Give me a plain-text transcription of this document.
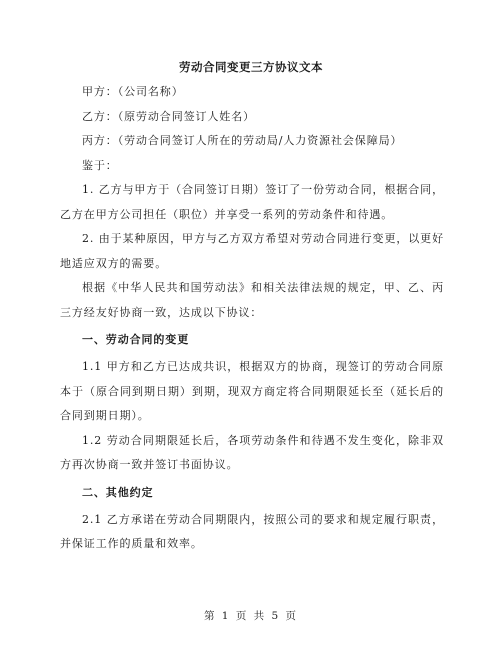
劳动合同变更三方协议文本

甲方：（公司名称）

乙方：（原劳动合同签订人姓名）

丙方：（劳动合同签订人所在的劳动局/人力资源社会保障局）

鉴于：

1. 乙方与甲方于（合同签订日期）签订了一份劳动合同，根据合同，乙方在甲方公司担任（职位）并享受一系列的劳动条件和待遇。

2. 由于某种原因，甲方与乙方双方希望对劳动合同进行变更，以更好地适应双方的需要。

根据《中华人民共和国劳动法》和相关法律法规的规定，甲、乙、丙三方经友好协商一致，达成以下协议：

一、劳动合同的变更

1.1 甲方和乙方已达成共识，根据双方的协商，现签订的劳动合同原本于（原合同到期日期）到期，现双方商定将合同期限延长至（延长后的合同到期日期）。

1.2 劳动合同期限延长后，各项劳动条件和待遇不发生变化，除非双方再次协商一致并签订书面协议。

二、其他约定

2.1 乙方承诺在劳动合同期限内，按照公司的要求和规定履行职责，并保证工作的质量和效率。

第 1 页 共 5 页
